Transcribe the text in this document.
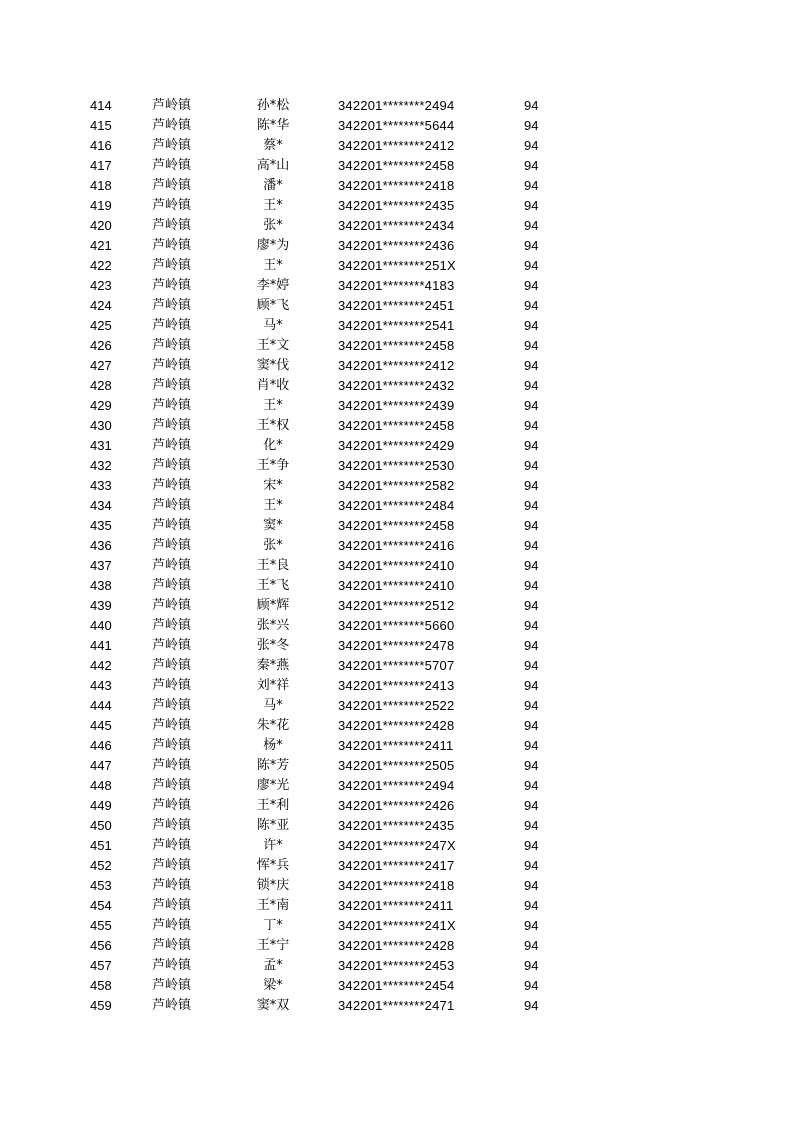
414	芦岭镇	孙*松	342201********2494	94
415	芦岭镇	陈*华	342201********5644	94
416	芦岭镇	蔡*	342201********2412	94
417	芦岭镇	高*山	342201********2458	94
418	芦岭镇	潘*	342201********2418	94
419	芦岭镇	王*	342201********2435	94
420	芦岭镇	张*	342201********2434	94
421	芦岭镇	廖*为	342201********2436	94
422	芦岭镇	王*	342201********251X	94
423	芦岭镇	李*婷	342201********4183	94
424	芦岭镇	顾*飞	342201********2451	94
425	芦岭镇	马*	342201********2541	94
426	芦岭镇	王*文	342201********2458	94
427	芦岭镇	窦*伐	342201********2412	94
428	芦岭镇	肖*收	342201********2432	94
429	芦岭镇	王*	342201********2439	94
430	芦岭镇	王*权	342201********2458	94
431	芦岭镇	化*	342201********2429	94
432	芦岭镇	王*争	342201********2530	94
433	芦岭镇	宋*	342201********2582	94
434	芦岭镇	王*	342201********2484	94
435	芦岭镇	窦*	342201********2458	94
436	芦岭镇	张*	342201********2416	94
437	芦岭镇	王*良	342201********2410	94
438	芦岭镇	王*飞	342201********2410	94
439	芦岭镇	顾*辉	342201********2512	94
440	芦岭镇	张*兴	342201********5660	94
441	芦岭镇	张*冬	342201********2478	94
442	芦岭镇	秦*燕	342201********5707	94
443	芦岭镇	刘*祥	342201********2413	94
444	芦岭镇	马*	342201********2522	94
445	芦岭镇	朱*花	342201********2428	94
446	芦岭镇	杨*	342201********2411	94
447	芦岭镇	陈*芳	342201********2505	94
448	芦岭镇	廖*光	342201********2494	94
449	芦岭镇	王*利	342201********2426	94
450	芦岭镇	陈*亚	342201********2435	94
451	芦岭镇	许*	342201********247X	94
452	芦岭镇	恽*兵	342201********2417	94
453	芦岭镇	锁*庆	342201********2418	94
454	芦岭镇	王*南	342201********2411	94
455	芦岭镇	丁*	342201********241X	94
456	芦岭镇	王*宁	342201********2428	94
457	芦岭镇	孟*	342201********2453	94
458	芦岭镇	梁*	342201********2454	94
459	芦岭镇	窦*双	342201********2471	94
